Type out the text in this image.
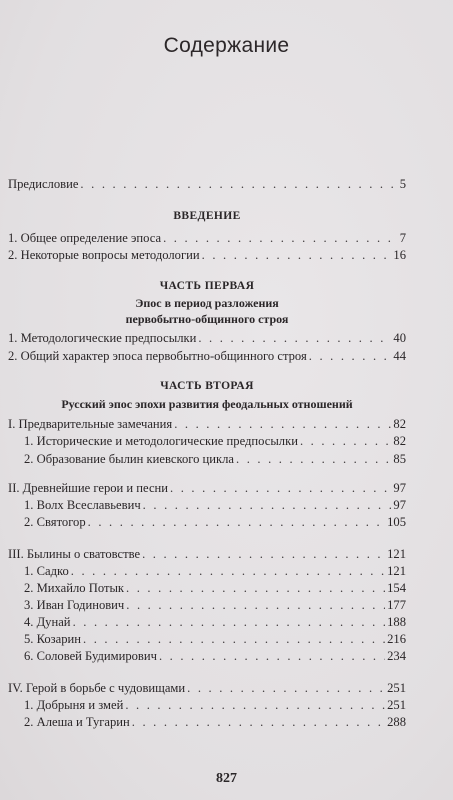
Содержание
Предисловие . . .	5
ВВЕДЕНИЕ
1. Общее определение эпоса . . .	7
2. Некоторые вопросы методологии . . .	16
ЧАСТЬ ПЕРВАЯ
Эпос в период разложения
первобытно-общинного строя
1. Методологические предпосылки . . .	40
2. Общий характер эпоса первобытно-общинного строя . . .	44
ЧАСТЬ ВТОРАЯ
Русский эпос эпохи развития феодальных отношений
I. Предварительные замечания . . .	82
1. Исторические и методологические предпосылки . . .	82
2. Образование былин киевского цикла . . .	85
II. Древнейшие герои и песни . . .	97
1. Волх Всеславьевич . . .	97
2. Святогор . . .	105
III. Былины о сватовстве . . .	121
1. Садко . . .	121
2. Михайло Потык . . .	154
3. Иван Годинович . . .	177
4. Дунай . . .	188
5. Козарин . . .	216
6. Соловей Будимирович . . .	234
IV. Герой в борьбе с чудовищами . . .	251
1. Добрыня и змей . . .	251
2. Алеша и Тугарин . . .	288
827
